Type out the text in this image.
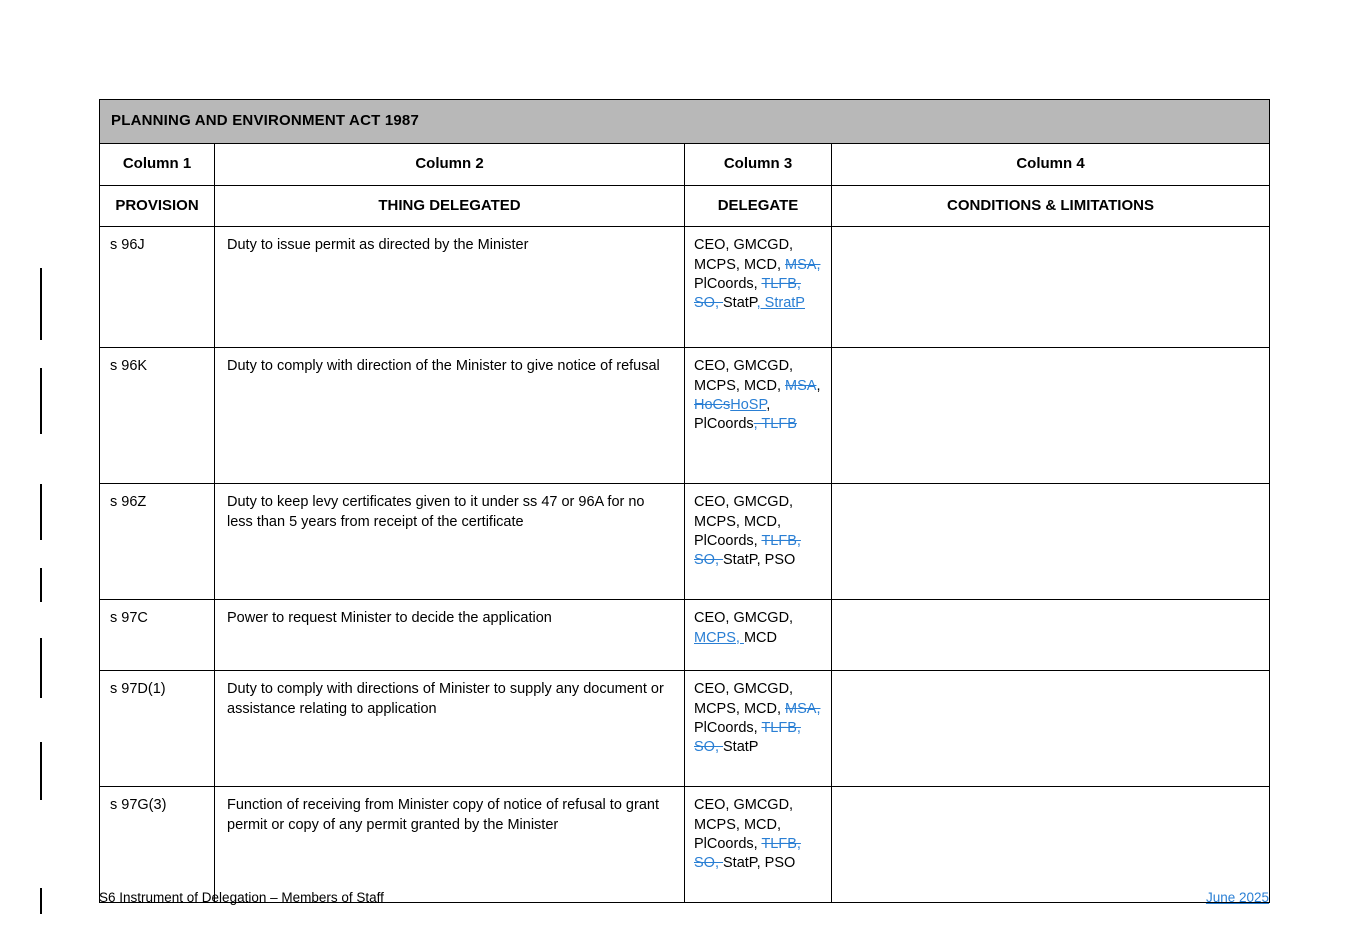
PLANNING AND ENVIRONMENT ACT 1987			
Column 1	Column 2	Column 3	Column 4
PROVISION	THING DELEGATED	DELEGATE	CONDITIONS & LIMITATIONS
s 96J	Duty to issue permit as directed by the Minister	CEO, GMCGD, MCPS, MCD, MSA, PlCoords, TLFB, SO, StatP, StratP	
s 96K	Duty to comply with direction of the Minister to give notice of refusal	CEO, GMCGD, MCPS, MCD, MSA, HoCsHoSP, PlCoords, TLFB	
s 96Z	Duty to keep levy certificates given to it under ss 47 or 96A for no less than 5 years from receipt of the certificate	CEO, GMCGD, MCPS, MCD, PlCoords, TLFB, SO, StatP, PSO	
s 97C	Power to request Minister to decide the application	CEO, GMCGD, MCPS, MCD	
s 97D(1)	Duty to comply with directions of Minister to supply any document or assistance relating to application	CEO, GMCGD, MCPS, MCD, MSA, PlCoords, TLFB, SO, StatP	
s 97G(3)	Function of receiving from Minister copy of notice of refusal to grant permit or copy of any permit granted by the Minister	CEO, GMCGD, MCPS, MCD, PlCoords, TLFB, SO, StatP, PSO	
S6 Instrument of Delegation – Members of Staff	June 2025
